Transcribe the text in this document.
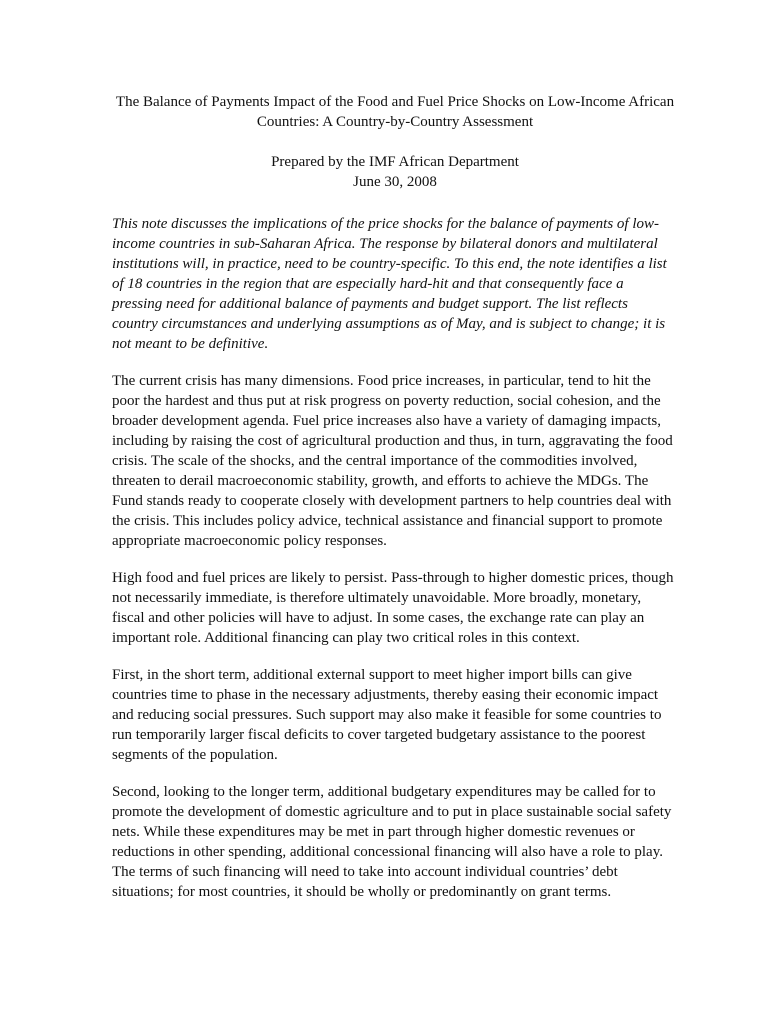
The Balance of Payments Impact of the Food and Fuel Price Shocks on Low-Income African
Countries: A Country-by-Country Assessment
Prepared by the IMF African Department
June 30, 2008

This note discusses the implications of the price shocks for the balance of payments of low-
income countries in sub-Saharan Africa. The response by bilateral donors and multilateral
institutions will, in practice, need to be country-specific. To this end, the note identifies a list
of 18 countries in the region that are especially hard-hit and that consequently face a
pressing need for additional balance of payments and budget support. The list reflects
country circumstances and underlying assumptions as of May, and is subject to change; it is
not meant to be definitive.

The current crisis has many dimensions. Food price increases, in particular, tend to hit the
poor the hardest and thus put at risk progress on poverty reduction, social cohesion, and the
broader development agenda. Fuel price increases also have a variety of damaging impacts,
including by raising the cost of agricultural production and thus, in turn, aggravating the food
crisis. The scale of the shocks, and the central importance of the commodities involved,
threaten to derail macroeconomic stability, growth, and efforts to achieve the MDGs. The
Fund stands ready to cooperate closely with development partners to help countries deal with
the crisis. This includes policy advice, technical assistance and financial support to promote
appropriate macroeconomic policy responses.

High food and fuel prices are likely to persist. Pass-through to higher domestic prices, though
not necessarily immediate, is therefore ultimately unavoidable. More broadly, monetary,
fiscal and other policies will have to adjust. In some cases, the exchange rate can play an
important role. Additional financing can play two critical roles in this context.

First, in the short term, additional external support to meet higher import bills can give
countries time to phase in the necessary adjustments, thereby easing their economic impact
and reducing social pressures. Such support may also make it feasible for some countries to
run temporarily larger fiscal deficits to cover targeted budgetary assistance to the poorest
segments of the population.

Second, looking to the longer term, additional budgetary expenditures may be called for to
promote the development of domestic agriculture and to put in place sustainable social safety
nets. While these expenditures may be met in part through higher domestic revenues or
reductions in other spending, additional concessional financing will also have a role to play.
The terms of such financing will need to take into account individual countries’ debt
situations; for most countries, it should be wholly or predominantly on grant terms.
